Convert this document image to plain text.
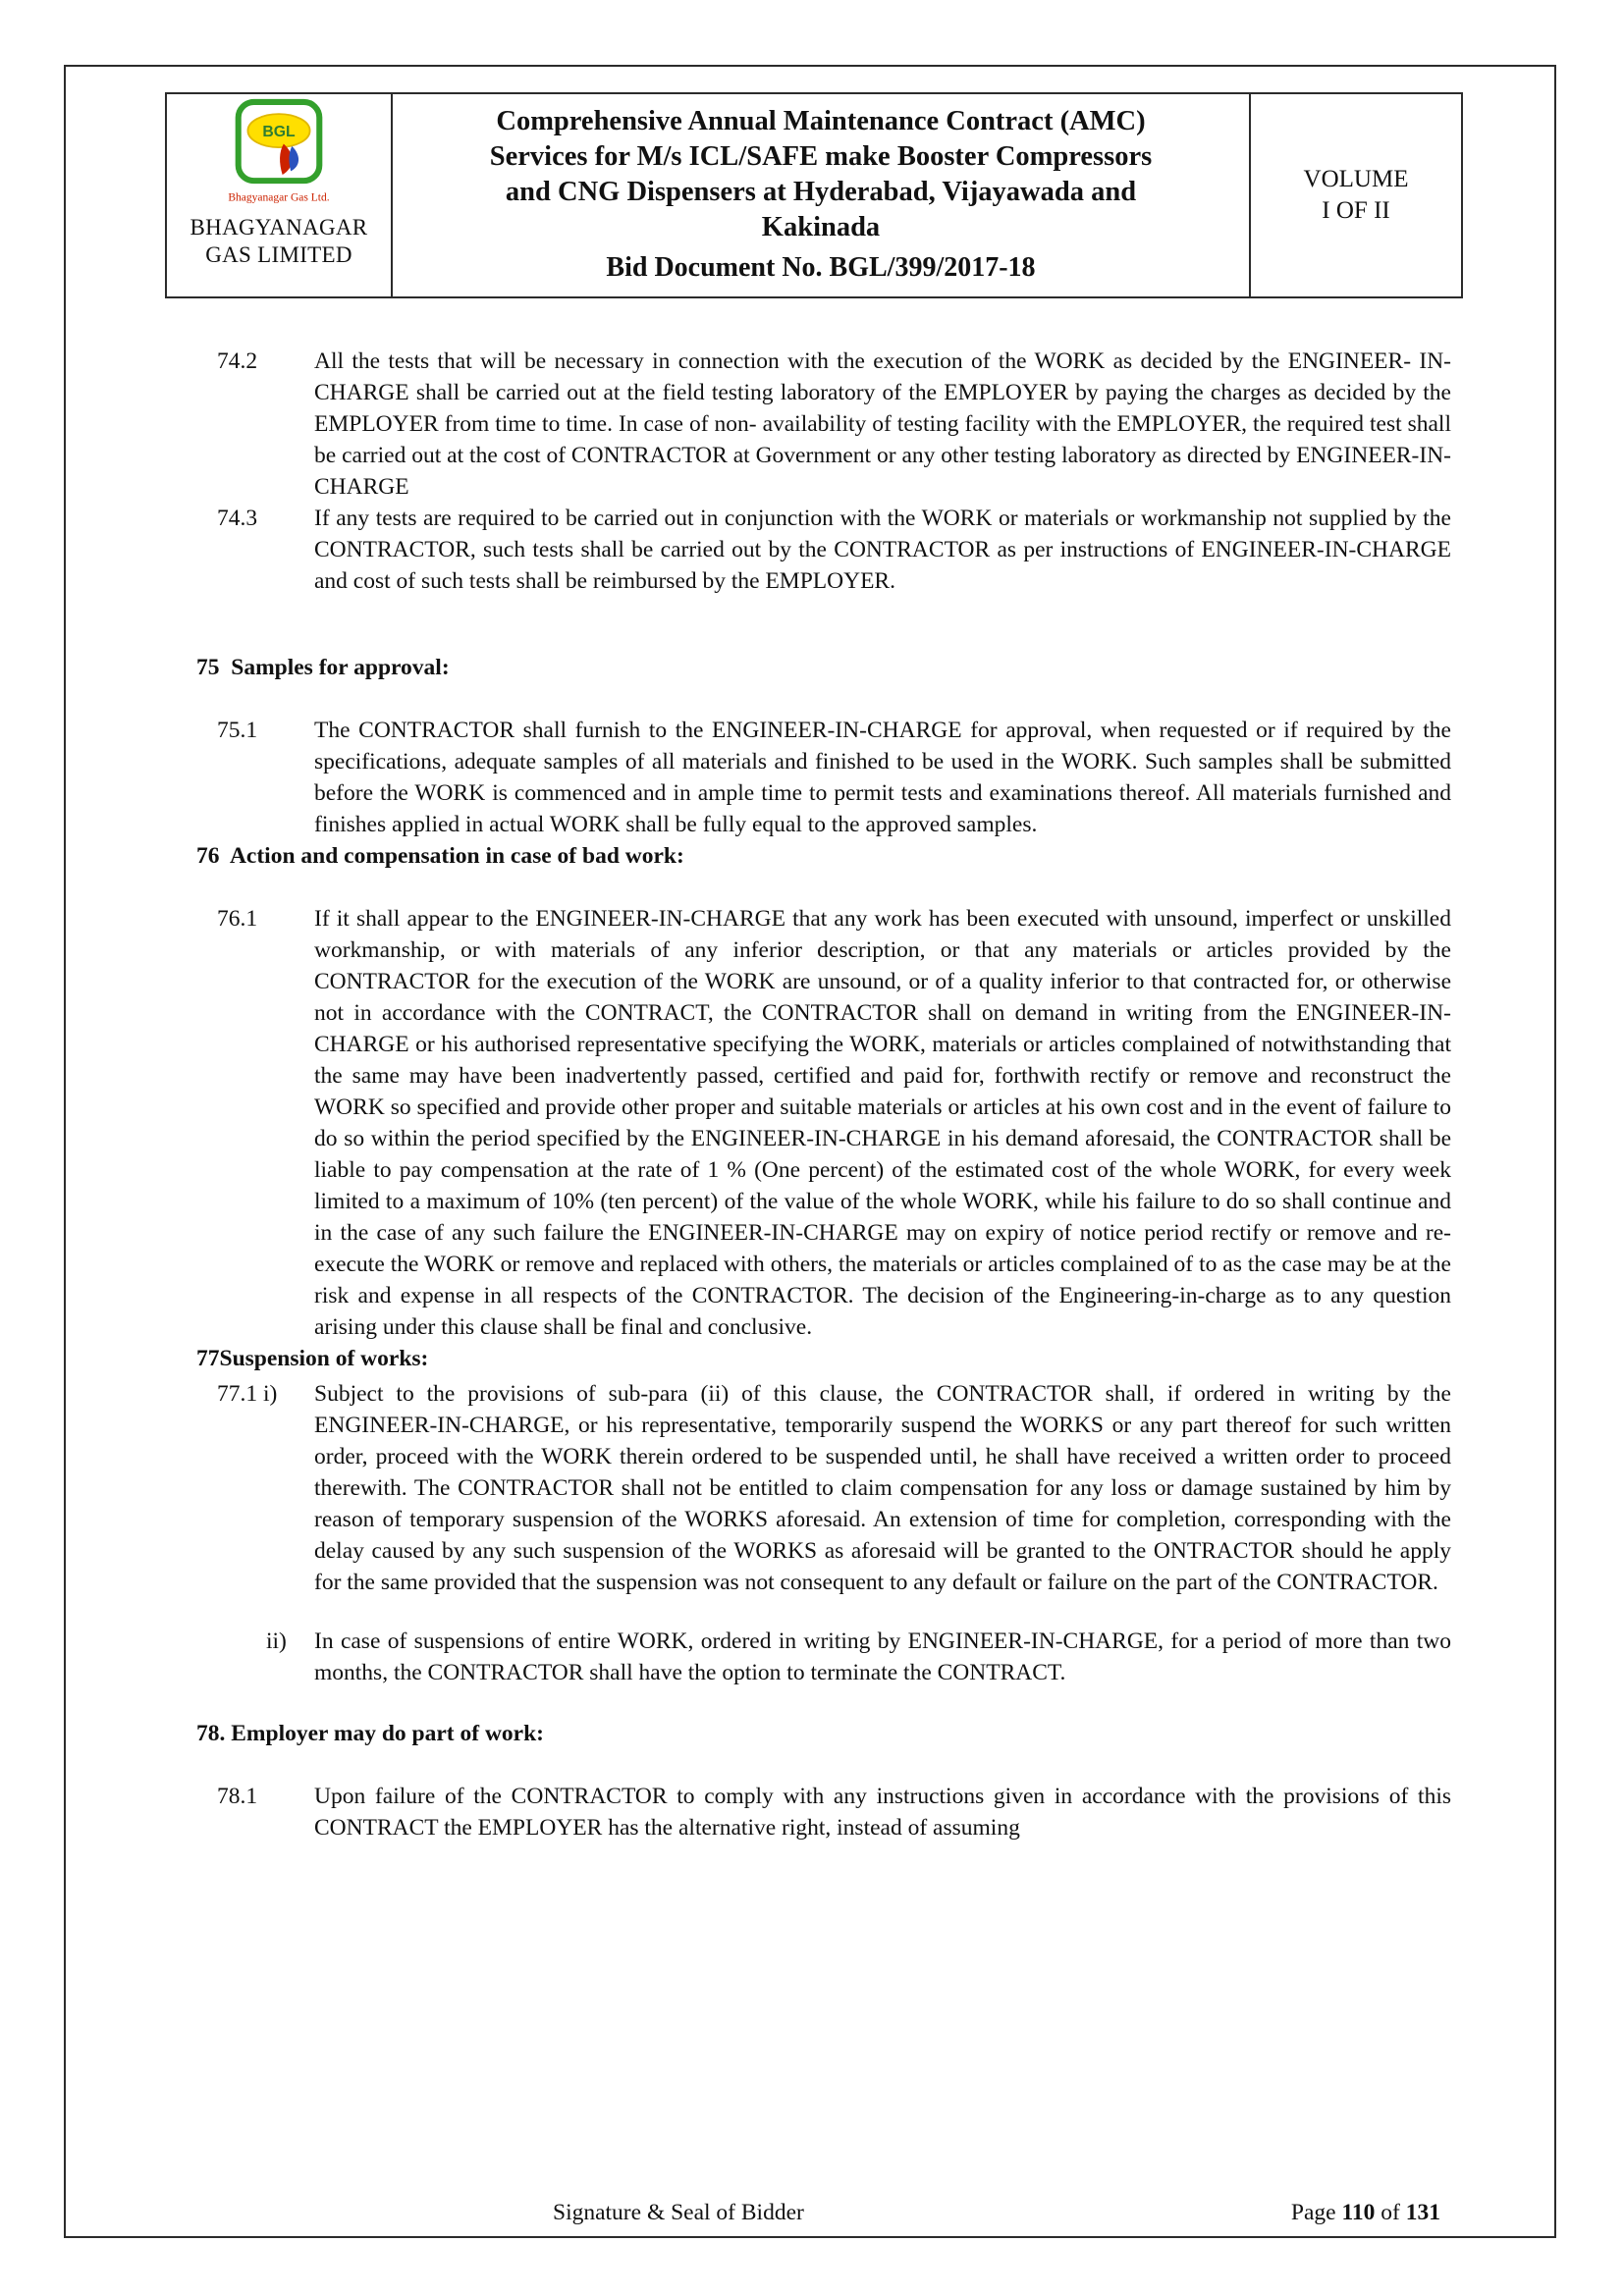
BGL
Bhagyanagar Gas Ltd.
BHAGYANAGAR
GAS LIMITED
Comprehensive Annual Maintenance Contract (AMC)
Services for M/s ICL/SAFE make Booster Compressors
and CNG Dispensers at Hyderabad, Vijayawada and
Kakinada
Bid Document No. BGL/399/2017-18
VOLUME
I OF II
74.2	All the tests that will be necessary in connection with the execution of the WORK as decided by the ENGINEER- IN-CHARGE shall be carried out at the field testing laboratory of the EMPLOYER by paying the charges as decided by the EMPLOYER from time to time. In case of non- availability of testing facility with the EMPLOYER, the required test shall be carried out at the cost of CONTRACTOR at Government or any other testing laboratory as directed by ENGINEER-IN-CHARGE
74.3	If any tests are required to be carried out in conjunction with the WORK or materials or workmanship not supplied by the CONTRACTOR, such tests shall be carried out by the CONTRACTOR as per instructions of ENGINEER-IN-CHARGE and cost of such tests shall be reimbursed by the EMPLOYER.
75  Samples for approval:
75.1	The CONTRACTOR shall furnish to the ENGINEER-IN-CHARGE for approval, when requested or if required by the specifications, adequate samples of all materials and finished to be used in the WORK. Such samples shall be submitted before the WORK is commenced and in ample time to permit tests and examinations thereof. All materials furnished and finishes applied in actual WORK shall be fully equal to the approved samples.
76  Action and compensation in case of bad work:
76.1	If it shall appear to the ENGINEER-IN-CHARGE that any work has been executed with unsound, imperfect or unskilled workmanship, or with materials of any inferior description, or that any materials or articles provided by the CONTRACTOR for the execution of the WORK are unsound, or of a quality inferior to that contracted for, or otherwise not in accordance with the CONTRACT, the CONTRACTOR shall on demand in writing from the ENGINEER-IN-CHARGE or his authorised representative specifying the WORK, materials or articles complained of notwithstanding that the same may have been inadvertently passed, certified and paid for, forthwith rectify or remove and reconstruct the WORK so specified and provide other proper and suitable materials or articles at his own cost and in the event of failure to do so within the period specified by the ENGINEER-IN-CHARGE in his demand aforesaid, the CONTRACTOR shall be liable to pay compensation at the rate of 1 % (One percent) of the estimated cost of the whole WORK, for every week limited to a maximum of 10% (ten percent) of the value of the whole WORK, while his failure to do so shall continue and in the case of any such failure the ENGINEER-IN-CHARGE may on expiry of notice period rectify or remove and re-execute the WORK or remove and replaced with others, the materials or articles complained of to as the case may be at the risk and expense in all respects of the CONTRACTOR. The decision of the Engineering-in-charge as to any question arising under this clause shall be final and conclusive.
77Suspension of works:
77.1 i)	Subject to the provisions of sub-para (ii) of this clause, the CONTRACTOR shall, if ordered in writing by the ENGINEER-IN-CHARGE, or his representative, temporarily suspend the WORKS or any part thereof for such written order, proceed with the WORK therein ordered to be suspended until, he shall have received a written order to proceed therewith. The CONTRACTOR shall not be entitled to claim compensation for any loss or damage sustained by him by reason of temporary suspension of the WORKS aforesaid. An extension of time for completion, corresponding with the delay caused by any such suspension of the WORKS as aforesaid will be granted to the ONTRACTOR should he apply for the same provided that the suspension was not consequent to any default or failure on the part of the CONTRACTOR.
ii)	In case of suspensions of entire WORK, ordered in writing by ENGINEER-IN-CHARGE, for a period of more than two months, the CONTRACTOR shall have the option to terminate the CONTRACT.
78. Employer may do part of work:
78.1	Upon failure of the CONTRACTOR to comply with any instructions given in accordance with the provisions of this CONTRACT the EMPLOYER has the alternative right, instead of assuming
Signature & Seal of Bidder	Page 110 of 131
